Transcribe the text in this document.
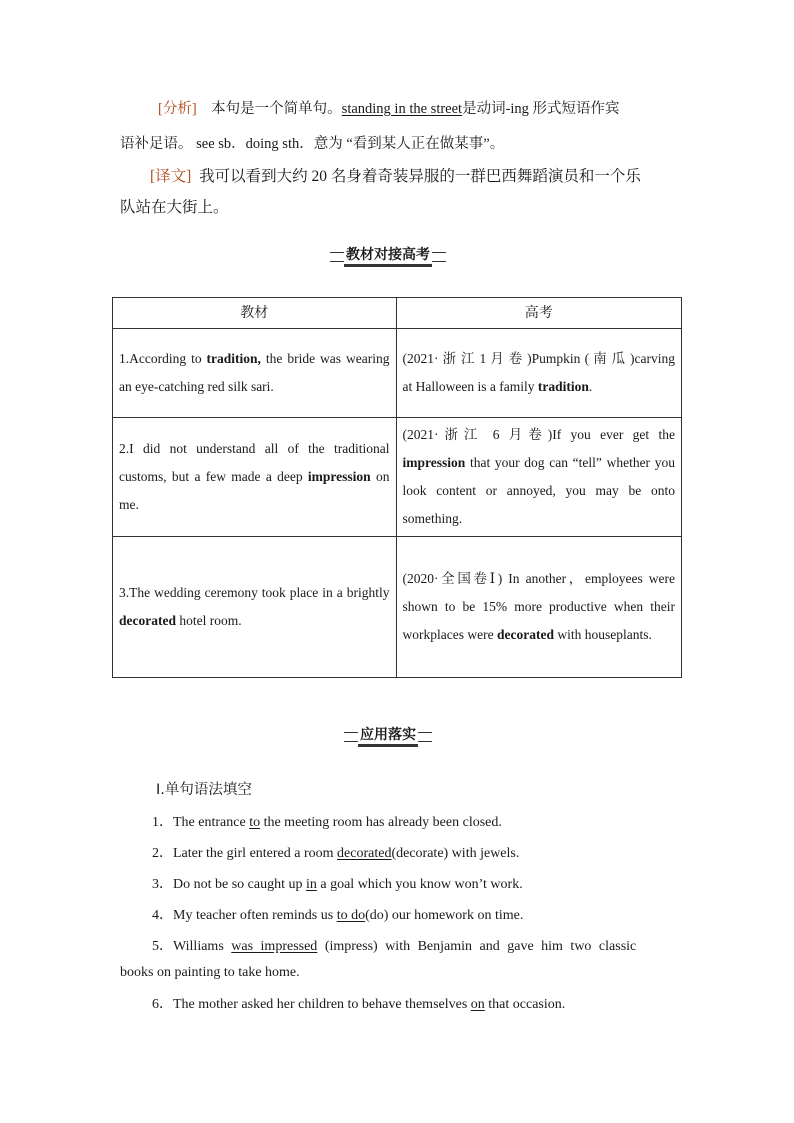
[分析] 本句是一个简单句。standing in the street是动词-ing 形式短语作宾
语补足语。 see sb．doing sth．意为 “看到某人正在做某事”。
[译文] 我可以看到大约 20 名身着奇装异服的一群巴西舞蹈演员和一个乐
队站在大街上。
教材对接高考
教材	高考
1.According to tradition, the bride was wearing an eye-catching red silk sari.	(2021· 浙 江 1 月 卷 )Pumpkin ( 南 瓜 )carving at Halloween is a family tradition.
2.I did not understand all of the traditional customs, but a few made a deep impression on me.	(2021·浙江 6 月卷)If you ever get the impression that your dog can “tell” whether you look content or annoyed, you may be onto something.
3.The wedding ceremony took place in a brightly decorated hotel room.	(2020·全国卷Ⅰ) In another，employees were shown to be 15% more productive when their workplaces were decorated with houseplants.
应用落实
Ⅰ.单句语法填空
1．The entrance to the meeting room has already been closed.
2．Later the girl entered a room decorated(decorate) with jewels.
3．Do not be so caught up in a goal which you know won’t work.
4．My teacher often reminds us to do(do) our homework on time.
5．Williams was impressed (impress) with Benjamin and gave him two classic
books on painting to take home.
6．The mother asked her children to behave themselves on that occasion.
